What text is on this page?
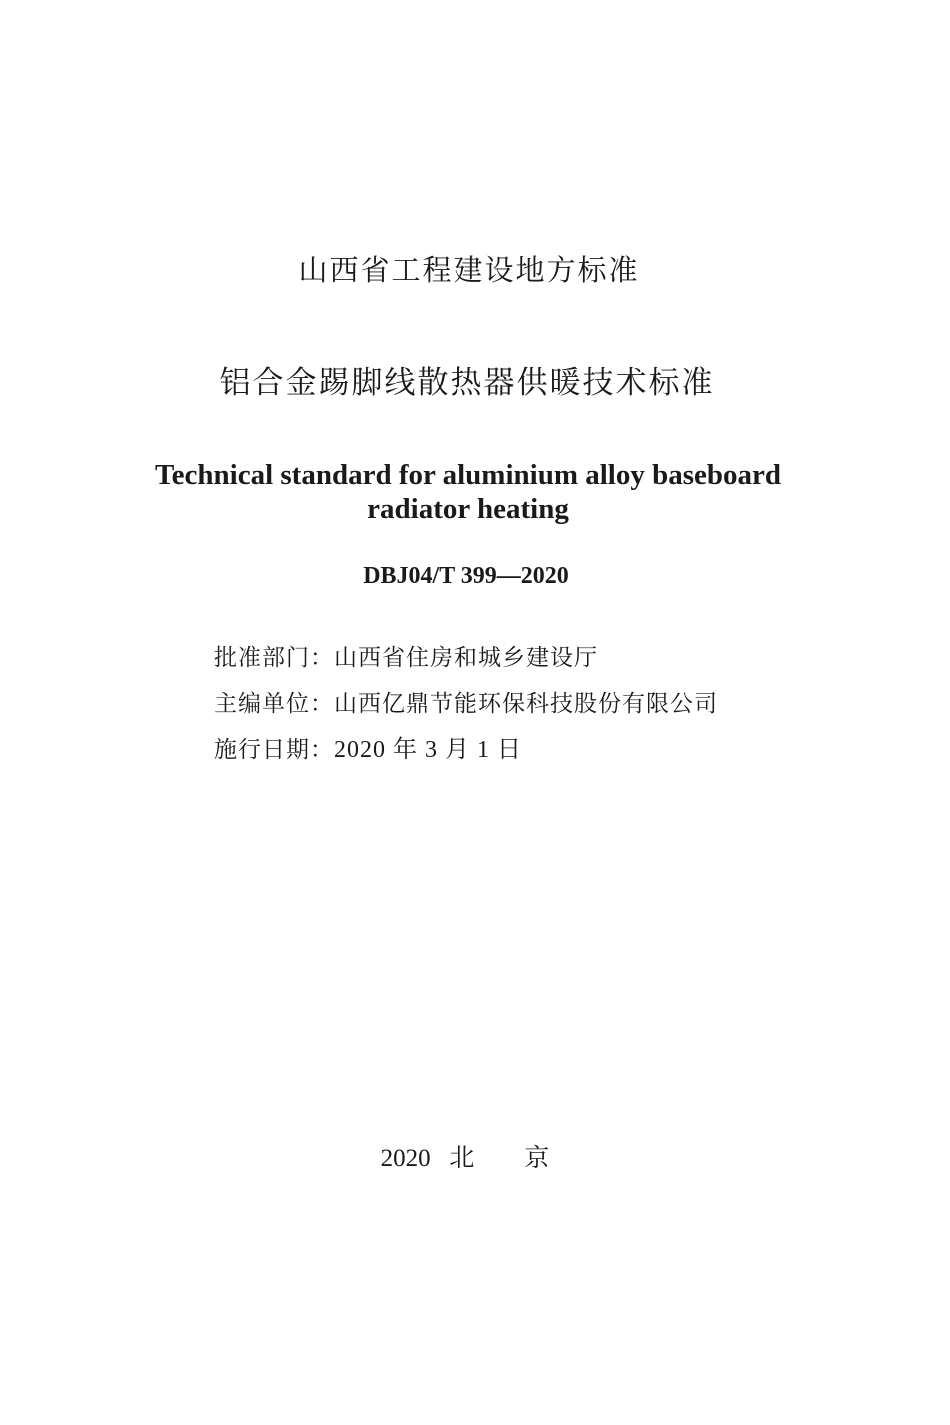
山西省工程建设地方标准
铝合金踢脚线散热器供暖技术标准
Technical standard for aluminium alloy baseboard
radiator heating
DBJ04/T 399—2020
批准部门：山西省住房和城乡建设厅
主编单位：山西亿鼎节能环保科技股份有限公司
施行日期：2020 年 3 月 1 日
2020 北　　京
